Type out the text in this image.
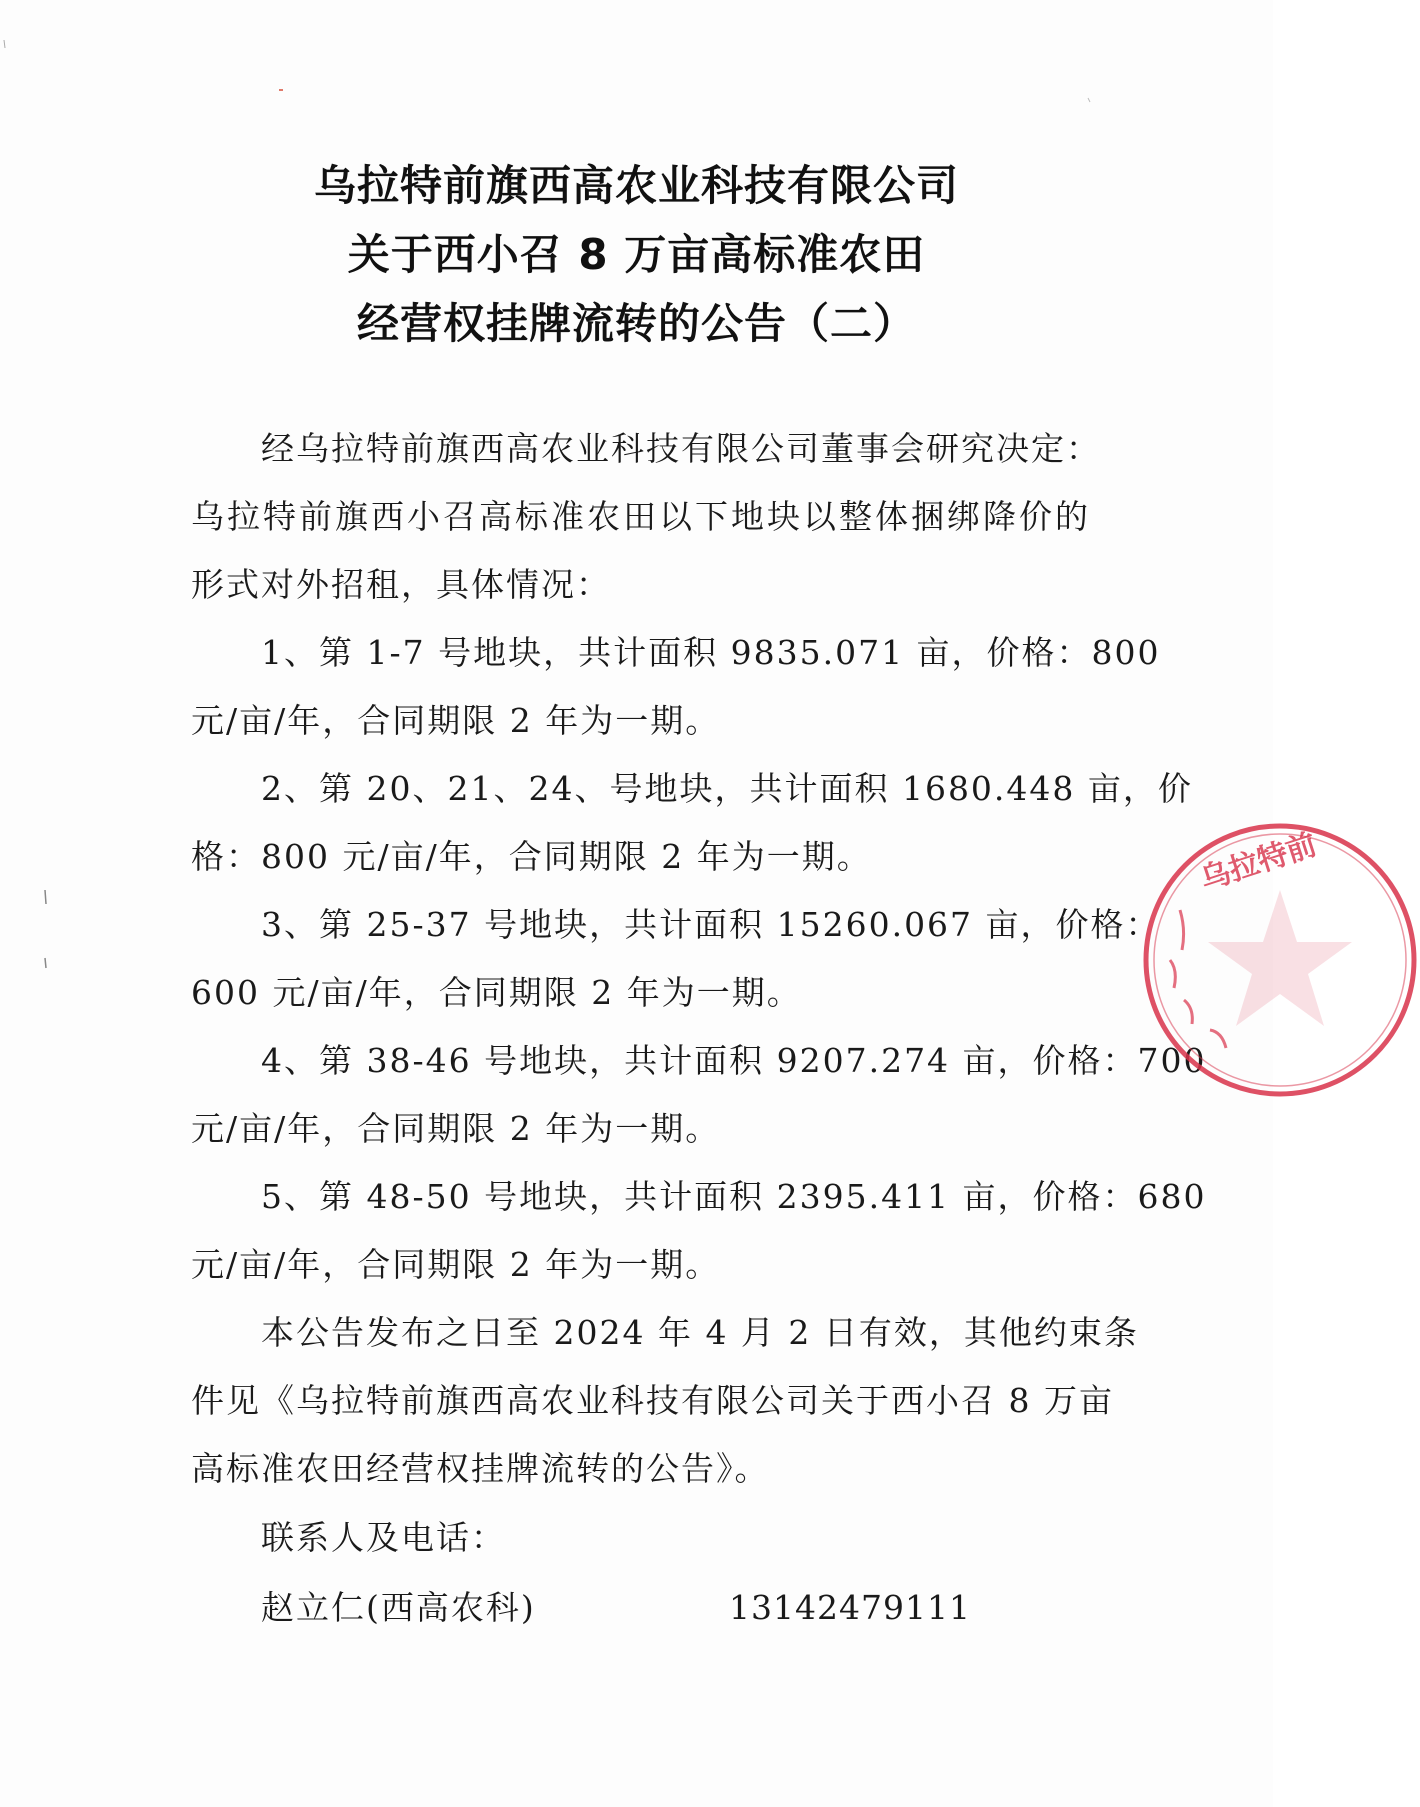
乌拉特前旗西高农业科技有限公司
关于西小召 8 万亩高标准农田
经营权挂牌流转的公告（二）
经乌拉特前旗西高农业科技有限公司董事会研究决定：
乌拉特前旗西小召高标准农田以下地块以整体捆绑降价的
形式对外招租，具体情况：
1、第 1-7 号地块，共计面积 9835.071 亩，价格：800
元/亩/年，合同期限 2 年为一期。
2、第 20、21、24、号地块，共计面积 1680.448 亩，价
格：800 元/亩/年，合同期限 2 年为一期。
3、第 25-37 号地块，共计面积 15260.067 亩，价格：
600 元/亩/年，合同期限 2 年为一期。
4、第 38-46 号地块，共计面积 9207.274 亩，价格：700
元/亩/年，合同期限 2 年为一期。
5、第 48-50 号地块，共计面积 2395.411 亩，价格：680
元/亩/年，合同期限 2 年为一期。
本公告发布之日至 2024 年 4 月 2 日有效，其他约束条
件见《乌拉特前旗西高农业科技有限公司关于西小召 8 万亩
高标准农田经营权挂牌流转的公告》。
联系人及电话：
赵立仁(西高农科)	13142479111
乌拉特前
